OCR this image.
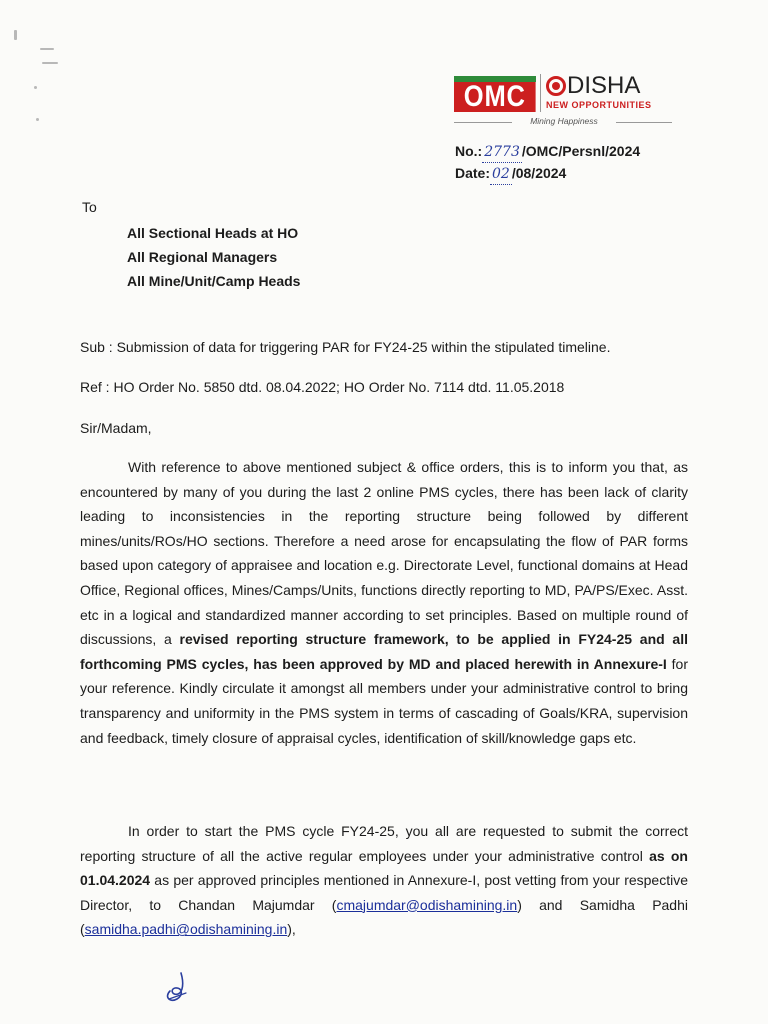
OMC	DISHA
NEW OPPORTUNITIES
Mining Happiness
No.: 2773 /OMC/Persnl/2024
Date: 02 /08/2024
To
All Sectional Heads at HO
All Regional Managers
All Mine/Unit/Camp Heads
Sub : Submission of data for triggering PAR for FY24-25 within the stipulated timeline.
Ref : HO Order No. 5850 dtd. 08.04.2022; HO Order No. 7114 dtd. 11.05.2018
Sir/Madam,
With reference to above mentioned subject & office orders, this is to inform you that, as encountered by many of you during the last 2 online PMS cycles, there has been lack of clarity leading to inconsistencies in the reporting structure being followed by different mines/units/ROs/HO sections. Therefore a need arose for encapsulating the flow of PAR forms based upon category of appraisee and location e.g. Directorate Level, functional domains at Head Office, Regional offices, Mines/Camps/Units, functions directly reporting to MD, PA/PS/Exec. Asst. etc in a logical and standardized manner according to set principles. Based on multiple round of discussions, a revised reporting structure framework, to be applied in FY24-25 and all forthcoming PMS cycles, has been approved by MD and placed herewith in Annexure-I for your reference. Kindly circulate it amongst all members under your administrative control to bring transparency and uniformity in the PMS system in terms of cascading of Goals/KRA, supervision and feedback, timely closure of appraisal cycles, identification of skill/knowledge gaps etc.
In order to start the PMS cycle FY24-25, you all are requested to submit the correct reporting structure of all the active regular employees under your administrative control as on 01.04.2024 as per approved principles mentioned in Annexure-I, post vetting from your respective Director, to Chandan Majumdar (cmajumdar@odishamining.in) and Samidha Padhi (samidha.padhi@odishamining.in),
